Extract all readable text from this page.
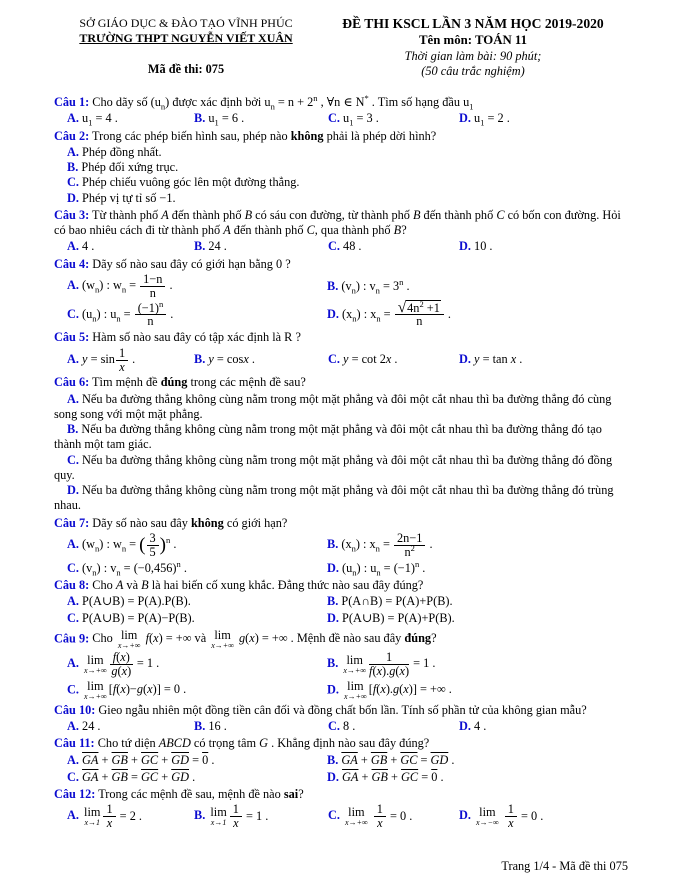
SỞ GIÁO DỤC & ĐÀO TẠO VĨNH PHÚC
TRƯỜNG THPT NGUYỄN VIẾT XUÂN
Mã đề thi: 075
ĐỀ THI KSCL LẦN 3 NĂM HỌC 2019-2020
Tên môn: TOÁN 11
Thời gian làm bài: 90 phút;
(50 câu trắc nghiệm)
Câu 1: Cho dãy số $(u_n)$ được xác định bởi $u_n = n + 2^n$ , ∀n ∈ N* . Tìm số hạng đầu $u_1$
A. $u_1 = 4$ .	B. $u_1 = 6$ .	C. $u_1 = 3$ .	D. $u_1 = 2$ .
Câu 2: Trong các phép biến hình sau, phép nào không phải là phép dời hình?
A. Phép đồng nhất.
B. Phép đối xứng trục.
C. Phép chiếu vuông góc lên một đường thẳng.
D. Phép vị tự tỉ số −1.
Câu 3: Từ thành phố A đến thành phố B có sáu con đường, từ thành phố B đến thành phố C có bốn con đường. Hỏi có bao nhiêu cách đi từ thành phố A đến thành phố C, qua thành phố B?
A. 4 .	B. 24 .	C. 48 .	D. 10 .
Câu 4: Dãy số nào sau đây có giới hạn bằng 0 ?
A. $(w_n)$ : $w_n = \frac{1-n}{n}$ .	B. $(v_n)$ : $v_n = 3^n$ .
C. $(u_n)$ : $u_n = \frac{(-1)^n}{n}$ .	D. $(x_n)$ : $x_n = \frac{√4n^2 +1}{n}$ .
Câu 5: Hàm số nào sau đây có tập xác định là R ?
A. $y = \sin \frac{1}{x}$ .	B. y = cosx .	C. y = cot 2x .	D. y = tan x .
Câu 6: Tìm mệnh đề đúng trong các mệnh đề sau?
A. Nếu ba đường thẳng không cùng nằm trong một mặt phẳng và đôi một cắt nhau thì ba đường thẳng đó cùng song song với một mặt phẳng.
B. Nếu ba đường thẳng không cùng nằm trong một mặt phẳng và đôi một cắt nhau thì ba đường thẳng đó tạo thành một tam giác.
C. Nếu ba đường thẳng không cùng nằm trong một mặt phẳng và đôi một cắt nhau thì ba đường thẳng đó đồng quy.
D. Nếu ba đường thẳng không cùng nằm trong một mặt phẳng và đôi một cắt nhau thì ba đường thẳng đó trùng nhau.
Câu 7: Dãy số nào sau đây không có giới hạn?
A. $(w_n)$ : $w_n$ = ( $\frac{3}{5} )^n$ .	B. $(x_n)$ : $x_n = \frac{2n-1}{n^2}$ .
C. $(v_n)$ : $v_n = (-0,456)^n$ .	D. $(u_n)$ : $u_n = (-1)^n$ .
Câu 8: Cho A và B là hai biến cố xung khắc. Đẳng thức nào sau đây đúng?
A. P(A∪B) = P(A).P(B).	B. P(A∩B) = P(A)+P(B).
C. P(A∪B) = P(A)−P(B).	D. P(A∪B) = P(A)+P(B).
Câu 9: Cho lim
x→+∞
f(x) = +∞ và lim
x→+∞
g(x) = +∞ . Mệnh đề nào sau đây đúng?
A. lim
$x\to+\infty \frac{f(x)}{g(x)} = 1$ .	B. lim
$x\to+\infty \frac{1}{f(x).g(x)} = 1$ .
C. lim
x→+∞
[f(x)−g(x)] = 0 .	D. lim
x→+∞
[f(x).g(x)] = +∞ .
Câu 10: Gieo ngẫu nhiên một đồng tiền cân đối và đồng chất bốn lần. Tính số phần tử của không gian mẫu?
A. 24 .	B. 16 .	C. 8 .	D. 4 .
Câu 11: Cho tứ diện ABCD có trọng tâm G . Khẳng định nào sau đây đúng?
A. $\overline{GA} + \overline{GB} + \overline{GC} + \overline{GD} = 0$ .	B. $\overline{GA} + \overline{GB} + \overline{GC} = \overline{GD}$ .
C. $\overline{GA} + \overline{GB} = \overline{GC} + \overline{GD}$ .	D. $\overline{GA} + \overline{GB} + \overline{GC} = 0$ .
Câu 12: Trong các mệnh đề sau, mệnh đề nào sai?
A. lim
$x\to 1 \frac{1}{x} = 2$ .	B. lim
$x\to 1 \frac{1}{x} = 1$ .	C. lim
x→+∞
$\frac{1}{x} = 0$ .	D. lim
x→−∞
$\frac{1}{x} = 0$ .
Trang 1/4 - Mã đề thi 075
